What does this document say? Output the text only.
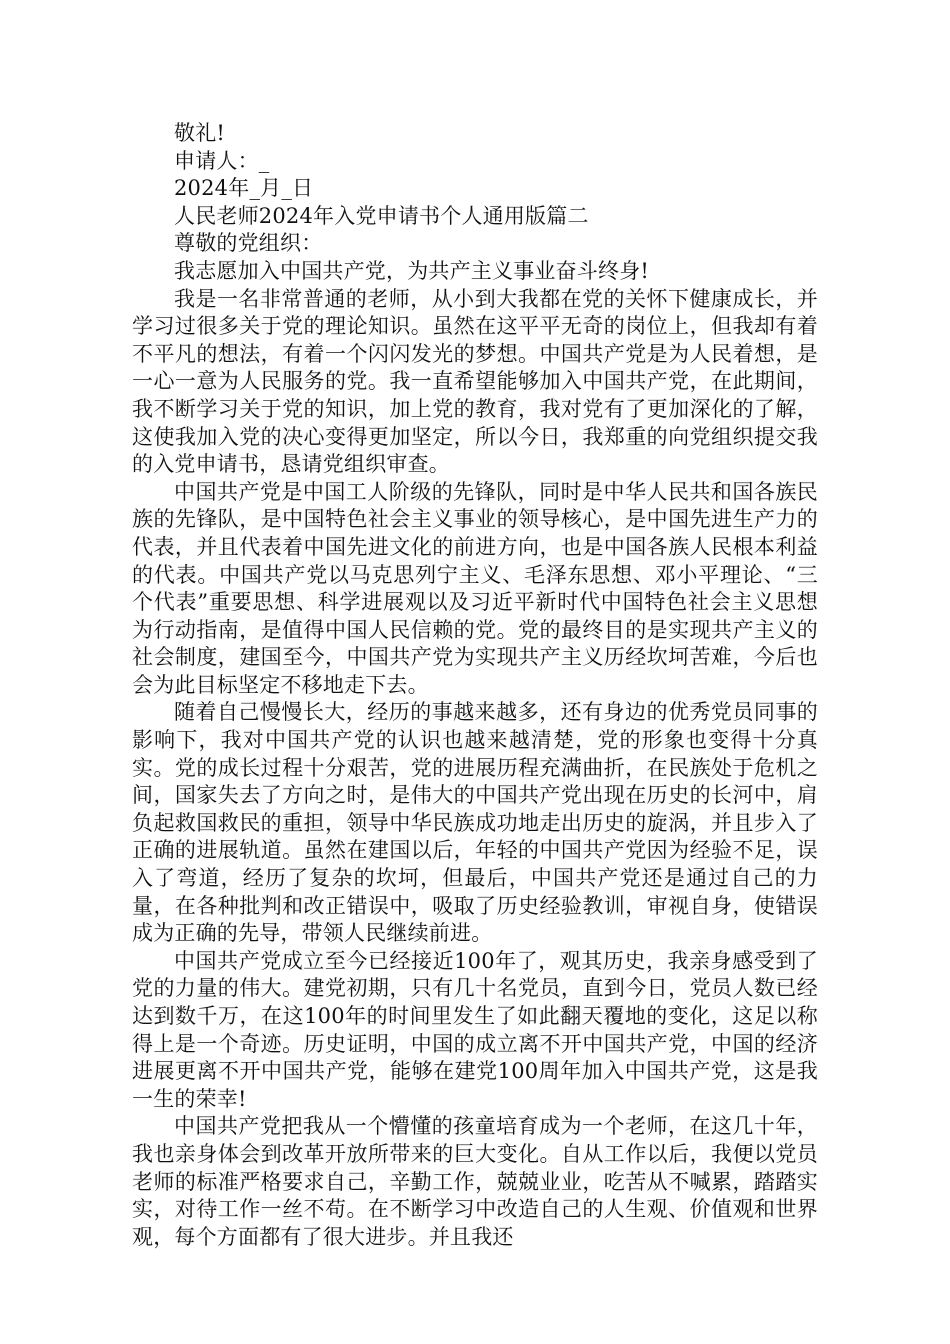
敬礼!

申请人：_

2024年_月_日

人民老师2024年入党申请书个人通用版篇二

尊敬的党组织：

我志愿加入中国共产党，为共产主义事业奋斗终身!

我是一名非常普通的老师，从小到大我都在党的关怀下健康成长，并学习过很多关于党的理论知识。虽然在这平平无奇的岗位上，但我却有着不平凡的想法，有着一个闪闪发光的梦想。中国共产党是为人民着想，是一心一意为人民服务的党。我一直希望能够加入中国共产党，在此期间，我不断学习关于党的知识，加上党的教育，我对党有了更加深化的了解，这使我加入党的决心变得更加坚定，所以今日，我郑重的向党组织提交我的入党申请书，恳请党组织审查。

中国共产党是中国工人阶级的先锋队，同时是中华人民共和国各族民族的先锋队，是中国特色社会主义事业的领导核心，是中国先进生产力的代表，并且代表着中国先进文化的前进方向，也是中国各族人民根本利益的代表。中国共产党以马克思列宁主义、毛泽东思想、邓小平理论、“三个代表”重要思想、科学进展观以及习近平新时代中国特色社会主义思想为行动指南，是值得中国人民信赖的党。党的最终目的是实现共产主义的社会制度，建国至今，中国共产党为实现共产主义历经坎坷苦难，今后也会为此目标坚定不移地走下去。

随着自己慢慢长大，经历的事越来越多，还有身边的优秀党员同事的影响下，我对中国共产党的认识也越来越清楚，党的形象也变得十分真实。党的成长过程十分艰苦，党的进展历程充满曲折，在民族处于危机之间，国家失去了方向之时，是伟大的中国共产党出现在历史的长河中，肩负起救国救民的重担，领导中华民族成功地走出历史的旋涡，并且步入了正确的进展轨道。虽然在建国以后，年轻的中国共产党因为经验不足，误入了弯道，经历了复杂的坎坷，但最后，中国共产党还是通过自己的力量，在各种批判和改正错误中，吸取了历史经验教训，审视自身，使错误成为正确的先导，带领人民继续前进。

中国共产党成立至今已经接近100年了，观其历史，我亲身感受到了党的力量的伟大。建党初期，只有几十名党员，直到今日，党员人数已经达到数千万，在这100年的时间里发生了如此翻天覆地的变化，这足以称得上是一个奇迹。历史证明，中国的成立离不开中国共产党，中国的经济进展更离不开中国共产党，能够在建党100周年加入中国共产党，这是我一生的荣幸!

中国共产党把我从一个懵懂的孩童培育成为一个老师，在这几十年，我也亲身体会到改革开放所带来的巨大变化。自从工作以后，我便以党员老师的标准严格要求自己，辛勤工作，兢兢业业，吃苦从不喊累，踏踏实实，对待工作一丝不苟。在不断学习中改造自己的人生观、价值观和世界观，每个方面都有了很大进步。并且我还
